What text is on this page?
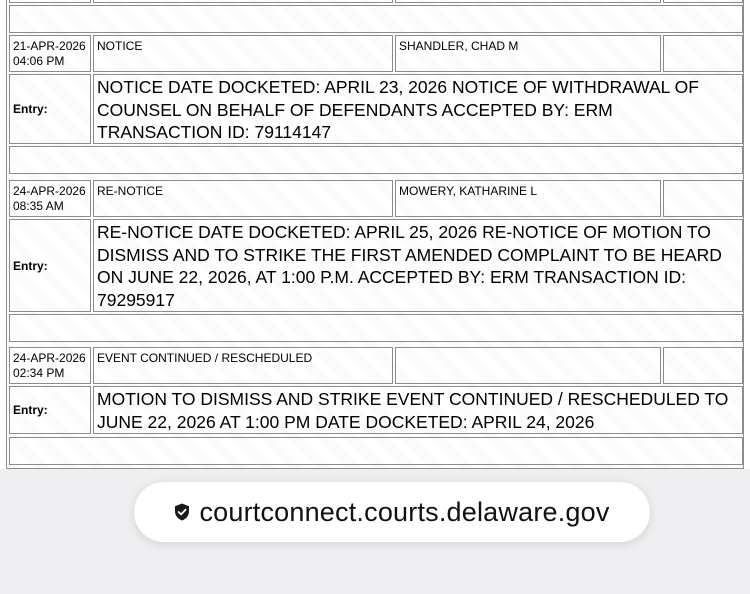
21-APR-2026
04:06 PM
NOTICE	SHANDLER, CHAD M
Entry:
NOTICE DATE DOCKETED: APRIL 23, 2026 NOTICE OF WITHDRAWAL OF COUNSEL ON BEHALF OF DEFENDANTS ACCEPTED BY: ERM TRANSACTION ID: 79114147
24-APR-2026
08:35 AM
RE-NOTICE	MOWERY, KATHARINE L
Entry:
RE-NOTICE DATE DOCKETED: APRIL 25, 2026 RE-NOTICE OF MOTION TO DISMISS AND TO STRIKE THE FIRST AMENDED COMPLAINT TO BE HEARD ON JUNE 22, 2026, AT 1:00 P.M. ACCEPTED BY: ERM TRANSACTION ID: 79295917
24-APR-2026
02:34 PM
EVENT CONTINUED / RESCHEDULED
Entry:
MOTION TO DISMISS AND STRIKE EVENT CONTINUED / RESCHEDULED TO JUNE 22, 2026 AT 1:00 PM DATE DOCKETED: APRIL 24, 2026
courtconnect.courts.delaware.gov
